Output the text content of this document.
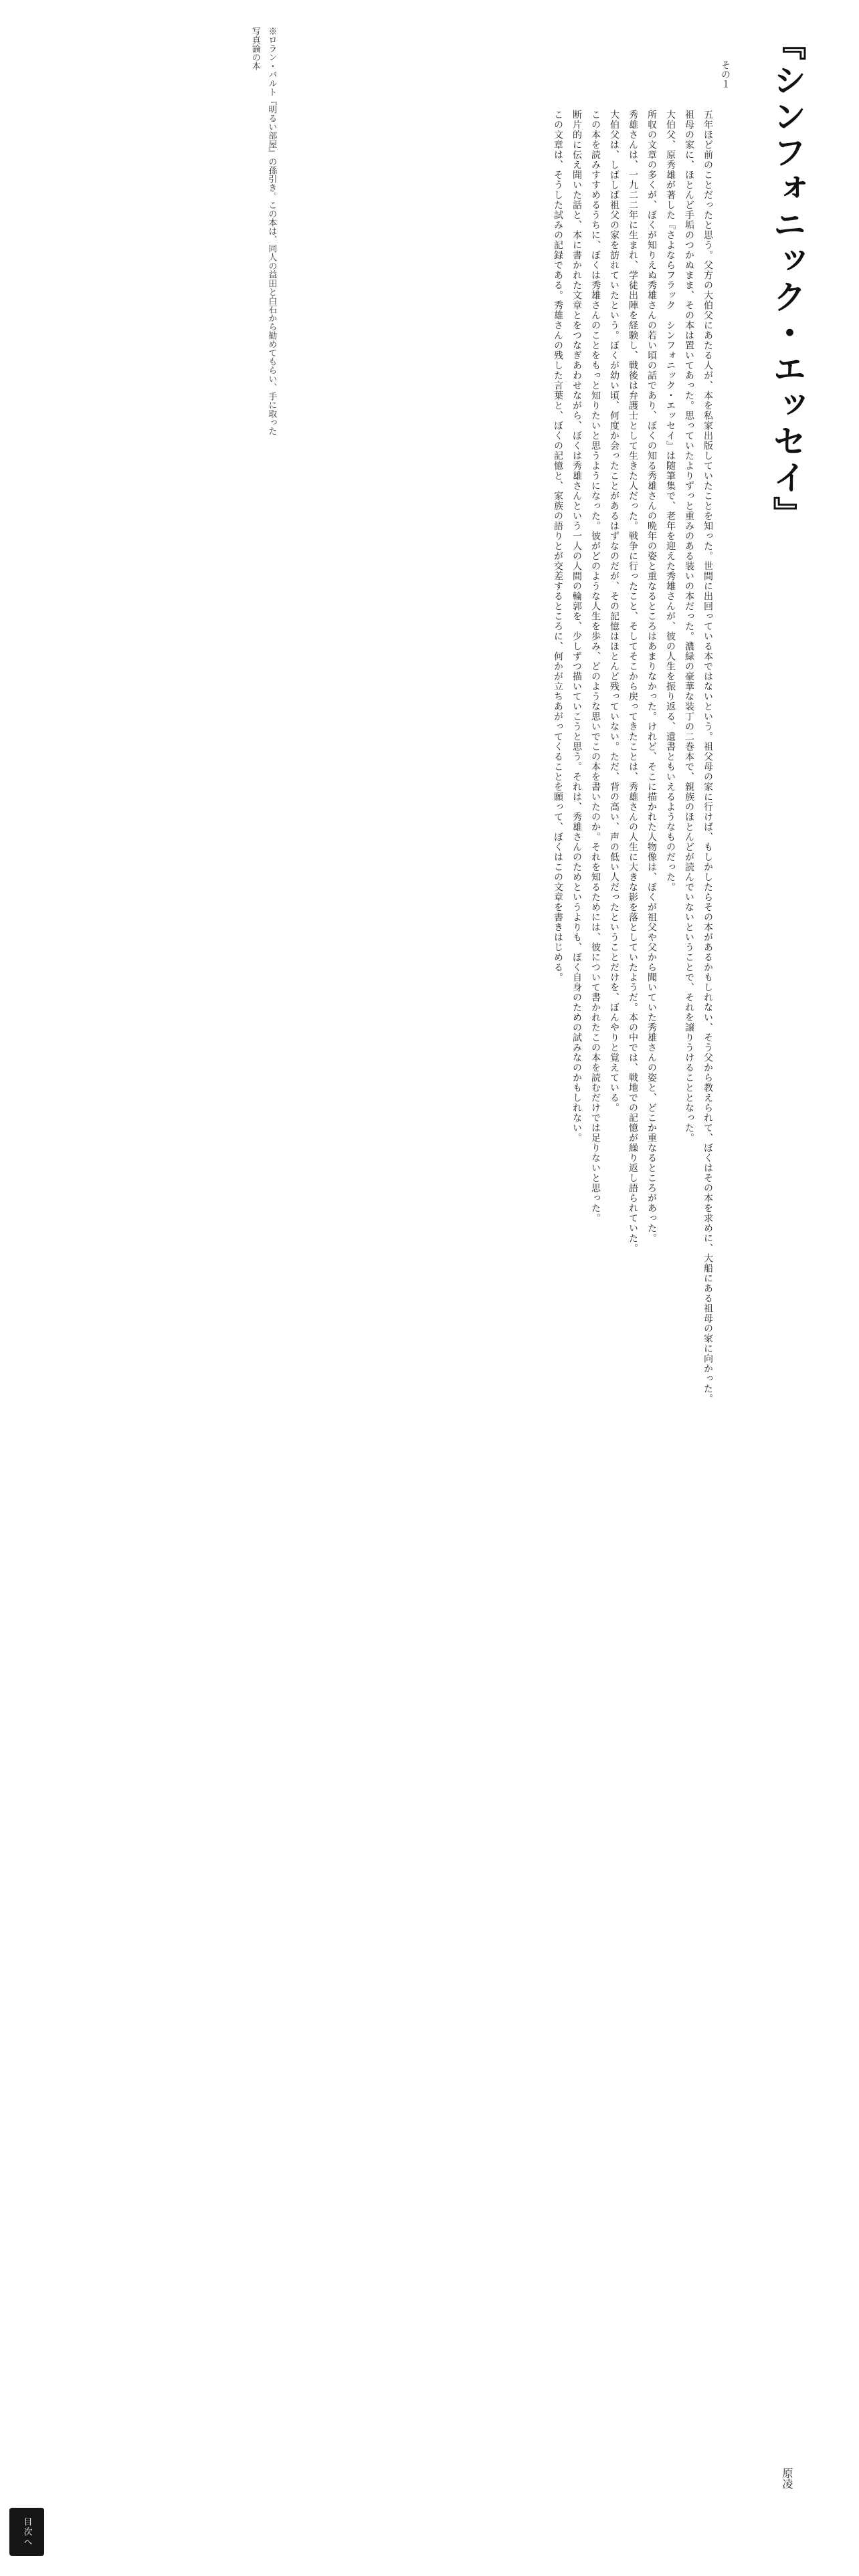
『シンフォニック・エッセイ』
その１

五年ほど前のことだったと思う。父方の大伯父にあたる人が、本を私家出版していたことを知った。世間に出回っている本ではないという。祖父母の家に行けば、もしかしたらその本があるかもしれない、そう父から教えられて、ぼくはその本を求めに、大船にある祖母の家に向かった。

祖母の家に、ほとんど手垢のつかぬまま、その本は置いてあった。思っていたよりずっと重みのある装いの本だった。濃緑の豪華な装丁の二巻本で、親族のほとんどが読んでいないということで、それを譲りうけることとなった。

大伯父、原秀雄が著した『さよならフラック　シンフォニック・エッセイ』は随筆集で、老年を迎えた秀雄さんが、彼の人生を振り返る、遺書ともいえるようなものだった。

所収の文章の多くが、ぼくが知りえぬ秀雄さんの若い頃の話であり、ぼくの知る秀雄さんの晩年の姿と重なるところはあまりなかった。けれど、そこに描かれた人物像は、ぼくが祖父や父から聞いていた秀雄さんの姿と、どこか重なるところがあった。

秀雄さんは、一九二二年に生まれ、学徒出陣を経験し、戦後は弁護士として生きた人だった。戦争に行ったこと、そしてそこから戻ってきたことは、秀雄さんの人生に大きな影を落としていたようだ。本の中では、戦地での記憶が繰り返し語られていた。

大伯父は、しばしば祖父の家を訪れていたという。ぼくが幼い頃、何度か会ったことがあるはずなのだが、その記憶はほとんど残っていない。ただ、背の高い、声の低い人だったということだけを、ぼんやりと覚えている。

この本を読みすすめるうちに、ぼくは秀雄さんのことをもっと知りたいと思うようになった。彼がどのような人生を歩み、どのような思いでこの本を書いたのか。それを知るためには、彼について書かれたこの本を読むだけでは足りないと思った。

断片的に伝え聞いた話と、本に書かれた文章とをつなぎあわせながら、ぼくは秀雄さんという一人の人間の輪郭を、少しずつ描いていこうと思う。それは、秀雄さんのためというよりも、ぼく自身のための試みなのかもしれない。

この文章は、そうした試みの記録である。秀雄さんの残した言葉と、ぼくの記憶と、家族の語りとが交差するところに、何かが立ちあがってくることを願って、ぼくはこの文章を書きはじめる。

※ロラン・バルト『明るい部屋』の孫引き。この本は、同人の益田と白石から勧めてもらい、手に取った写真論の本
原凌
目次へ
